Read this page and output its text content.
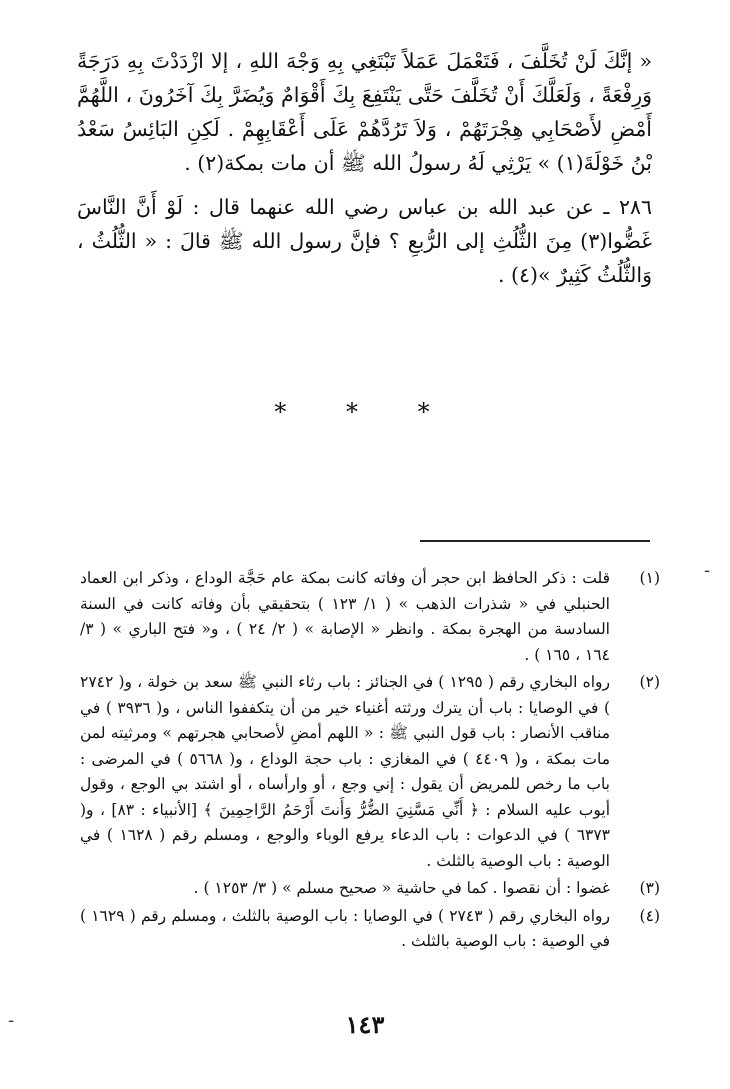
« إنَّكَ لَنْ تُخَلَّفَ ، فَتَعْمَلَ عَمَلاً تَبْتَغِي بِهِ وَجْهَ اللهِ ، إلا ازْدَدْتَ بِهِ دَرَجَةً وَرِفْعَةً ، وَلَعَلَّكَ أَنْ تُخَلَّفَ حَتَّى يَنْتَفِعَ بِكَ أَقْوَامٌ وَيُضَرَّ بِكَ آخَرُونَ ، اللَّهُمَّ أَمْضِ لأَصْحَابِي هِجْرَتَهُمْ ، وَلاَ تَرُدَّهُمْ عَلَى أَعْقَابِهِمْ . لَكِنِ البَائِسُ سَعْدُ بْنُ خَوْلَةَ(١) » يَرْثِي لَهُ رسولُ الله ﷺ أن مات بمكة(٢) .

٢٨٦ ـ عن عبد الله بن عباس رضي الله عنهما قال : لَوْ أَنَّ النَّاسَ غَضُّوا(٣) مِنَ الثُّلُثِ إلى الرُّبعِ ؟ فإنَّ رسول الله ﷺ قالَ : « الثُّلُثُ ، وَالثُّلُثُ كَثِيرٌ »(٤) .

* * *
(١)
قلت : ذكر الحافظ ابن حجر أن وفاته كانت بمكة عام حَجَّة الوداع ، وذكر ابن العماد الحنبلي في « شذرات الذهب » ( ١/ ١٢٣ ) بتحقيقي بأن وفاته كانت في السنة السادسة من الهجرة بمكة . وانظر « الإصابة » ( ٢/ ٢٤ ) ، و« فتح الباري » ( ٣/ ١٦٤ ، ١٦٥ ) .
(٢)
رواه البخاري رقم ( ١٢٩٥ ) في الجنائز : باب رثاء النبي ﷺ سعد بن خولة ، و( ٢٧٤٢ ) في الوصايا : باب أن يترك ورثته أغنياء خير من أن يتكففوا الناس ، و( ٣٩٣٦ ) في مناقب الأنصار : باب قول النبي ﷺ : « اللهم أمضِ لأصحابي هجرتهم » ومرثيته لمن مات بمكة ، و( ٤٤٠٩ ) في المغازي : باب حجة الوداع ، و( ٥٦٦٨ ) في المرضى : باب ما رخص للمريض أن يقول : إني وجع ، أو وارأساه ، أو اشتد بي الوجع ، وقول أيوب عليه السلام : ﴿ أَنِّي مَسَّنِيَ الضُّرُّ وَأَنتَ أَرْحَمُ الرَّاحِمِينَ ﴾ [الأنبياء : ٨٣] ، و( ٦٣٧٣ ) في الدعوات : باب الدعاء يرفع الوباء والوجع ، ومسلم رقم ( ١٦٢٨ ) في الوصية : باب الوصية بالثلث .
(٣)
غضوا : أن نقصوا . كما في حاشية « صحيح مسلم » ( ٣/ ١٢٥٣ ) .
(٤)
رواه البخاري رقم ( ٢٧٤٣ ) في الوصايا : باب الوصية بالثلث ، ومسلم رقم ( ١٦٢٩ ) في الوصية : باب الوصية بالثلث .
١٤٣
-
-
